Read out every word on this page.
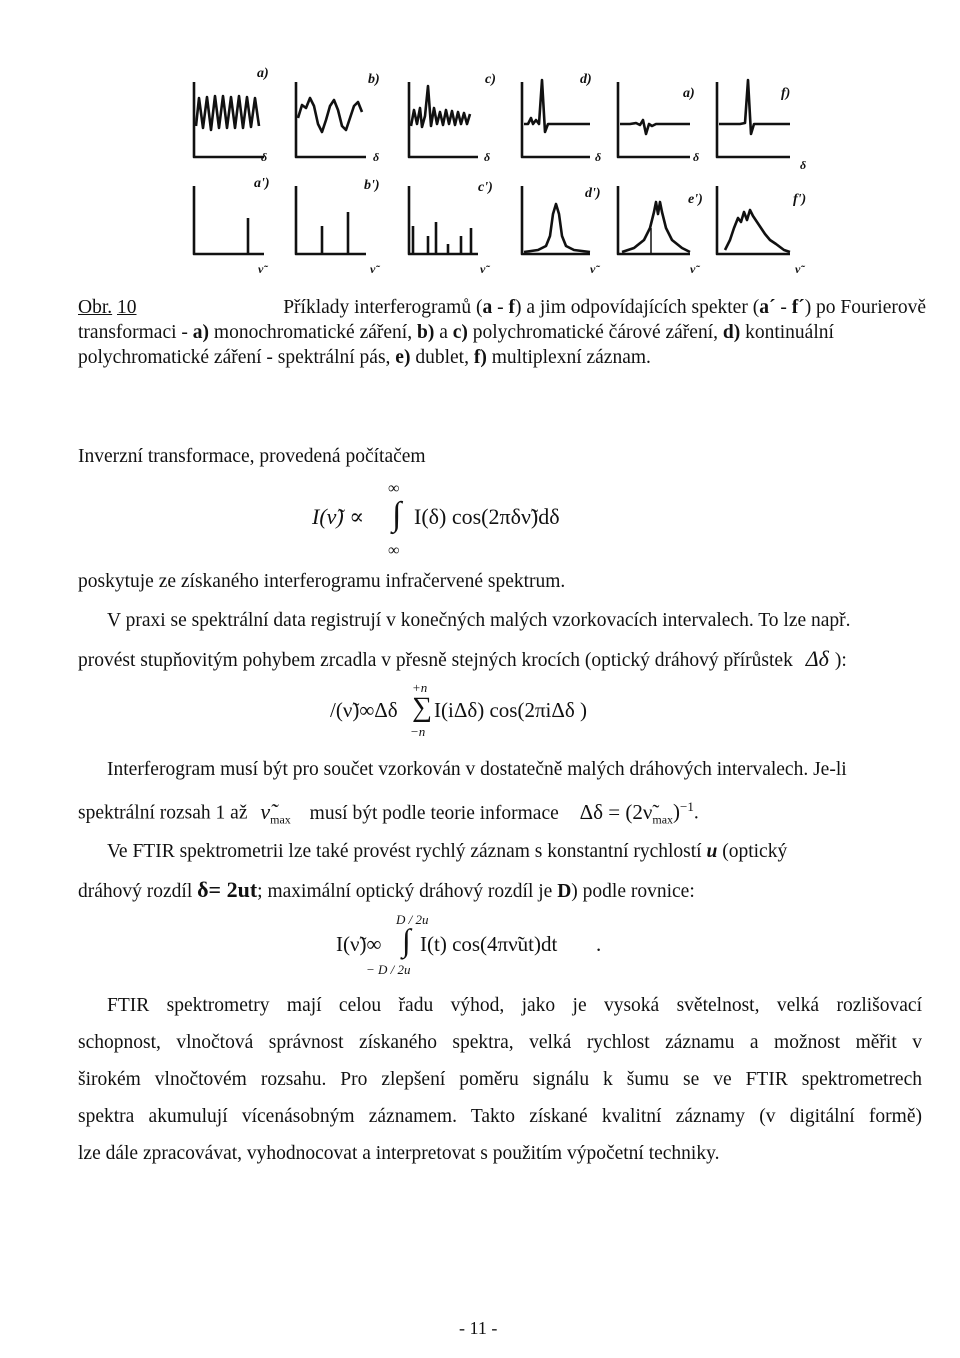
a)	b)	c)	d)
a)	f)
a')	b')	c')	d')	e')	f')
δ	δ	δ	δ	δ
δ
ν̃	ν̃	ν̃	ν̃	ν̃	ν̃
Obr. 10	Příklady interferogramů (a - f) a jim odpovídajících spekter (a´ - f´) po Fourierově
transformaci - a) monochromatické záření, b) a c) polychromatické čárové záření, d) kontinuální
polychromatické záření - spektrální pás, e) dublet, f) multiplexní záznam.
Inverzní transformace, provedená počítačem
∞
I(ν̃) ∝ ∫ I(δ) cos(2πδν̃)dδ
∞
poskytuje ze získaného interferogramu infračervené spektrum.
V praxi se spektrální data registrují v konečných malých vzorkovacích intervalech. To lze např.
provést stupňovitým pohybem zrcadla v přesně stejných krocích (optický dráhový přírůstek Δδ ):
+n
/(ν̃)∞Δδ ∑ I(iΔδ) cos(2πiΔδ )
−n
Interferogram musí být pro součet vzorkován v dostatečně malých dráhových intervalech. Je-li
spektrální rozsah 1 až $\nũ_{max}$ musí být podle teorie informace $\Delta\delta = (2\nũ_{max})^{-1}$.
Ve FTIR spektrometrii lze také provést rychlý záznam s konstantní rychlostí u (optický
dráhový rozdíl δ= 2ut; maximální optický dráhový rozdíl je D) podle rovnice:
D / 2u
I(ν̃)∞ ∫ I(t) cos(4πν̃ut)dt .
− D / 2u
FTIR spektrometry mají celou řadu výhod, jako je vysoká světelnost, velká rozlišovací
schopnost, vlnočtová správnost získaného spektra, velká rychlost záznamu a možnost měřit v
širokém vlnočtovém rozsahu. Pro zlepšení poměru signálu k šumu se ve FTIR spektrometrech
spektra akumulují vícenásobným záznamem. Takto získané kvalitní záznamy (v digitální formě)
lze dále zpracovávat, vyhodnocovat a interpretovat s použitím výpočetní techniky.
- 11 -
